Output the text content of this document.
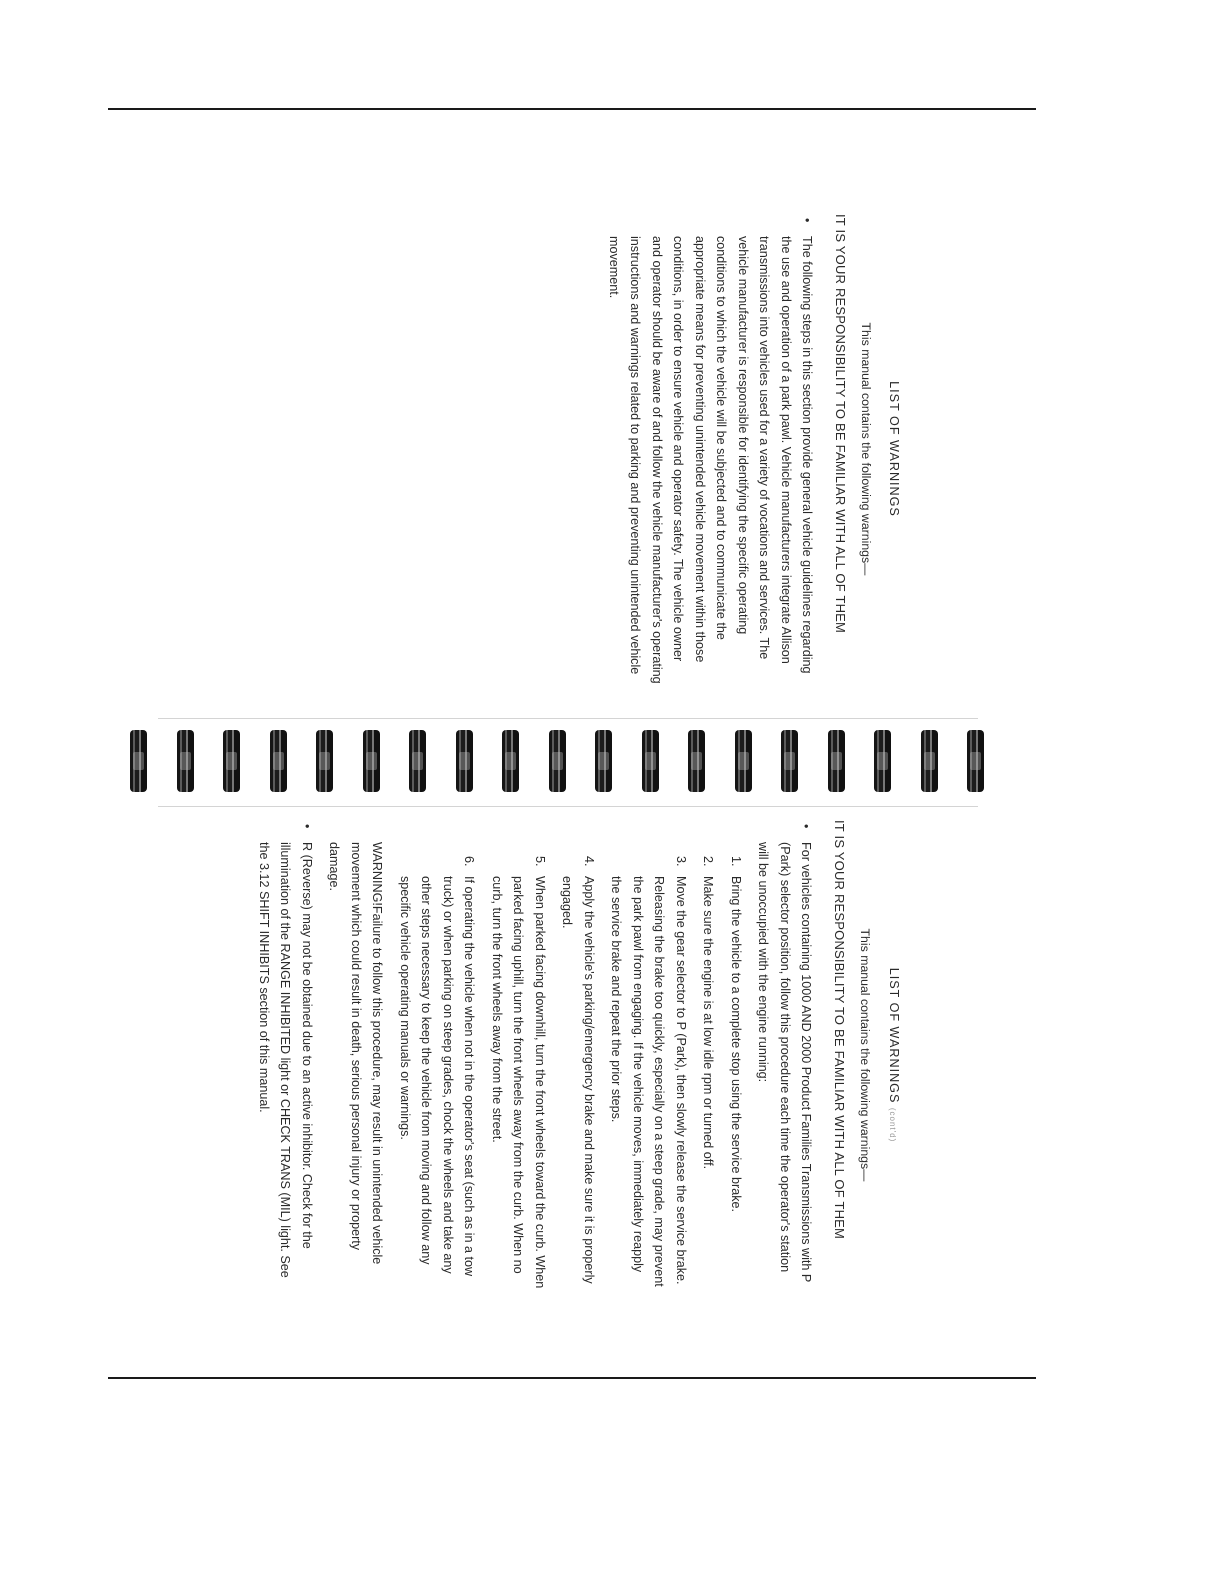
LIST OF WARNINGS
This manual contains the following warnings—
IT IS YOUR RESPONSIBILITY TO BE FAMILIAR WITH ALL OF THEM
• The following steps in this section provide general vehicle guidelines regarding the use and operation of a park pawl. Vehicle manufacturers integrate Allison transmissions into vehicles used for a variety of vocations and services. The vehicle manufacturer is responsible for identifying the specific operating conditions to which the vehicle will be subjected and to communicate the appropriate means for preventing unintended vehicle movement within those conditions, in order to ensure vehicle and operator safety. The vehicle owner and operator should be aware of and follow the vehicle manufacturer's operating instructions and warnings related to parking and preventing unintended vehicle movement.
LIST OF WARNINGS (cont'd)
This manual contains the following warnings—
IT IS YOUR RESPONSIBILITY TO BE FAMILIAR WITH ALL OF THEM
• For vehicles containing 1000 AND 2000 Product Families Transmissions with P (Park) selector position, follow this procedure each time the operator's station will be unoccupied with the engine running:
1. Bring the vehicle to a complete stop using the service brake.
2. Make sure the engine is at low idle rpm or turned off.
3. Move the gear selector to P (Park), then slowly release the service brake. Releasing the brake too quickly, especially on a steep grade, may prevent the park pawl from engaging. If the vehicle moves, immediately reapply the service brake and repeat the prior steps.
4. Apply the vehicle's parking/emergency brake and make sure it is properly engaged.
5. When parked facing downhill, turn the front wheels toward the curb. When parked facing uphill, turn the front wheels away from the curb. When no curb, turn the front wheels away from the street.
6. If operating the vehicle when not in the operator's seat (such as in a tow truck) or when parking on steep grades, chock the wheels and take any other steps necessary to keep the vehicle from moving and follow any specific vehicle operating manuals or warnings.
WARNING!Failure to follow this procedure, may result in unintended vehicle movement which could result in death, serious personal injury or property damage.
• R (Reverse) may not be obtained due to an active inhibitor. Check for the illumination of the RANGE INHIBITED light or CHECK TRANS (MIL) light. See the 3.12 SHIFT INHIBITS section of this manual.
